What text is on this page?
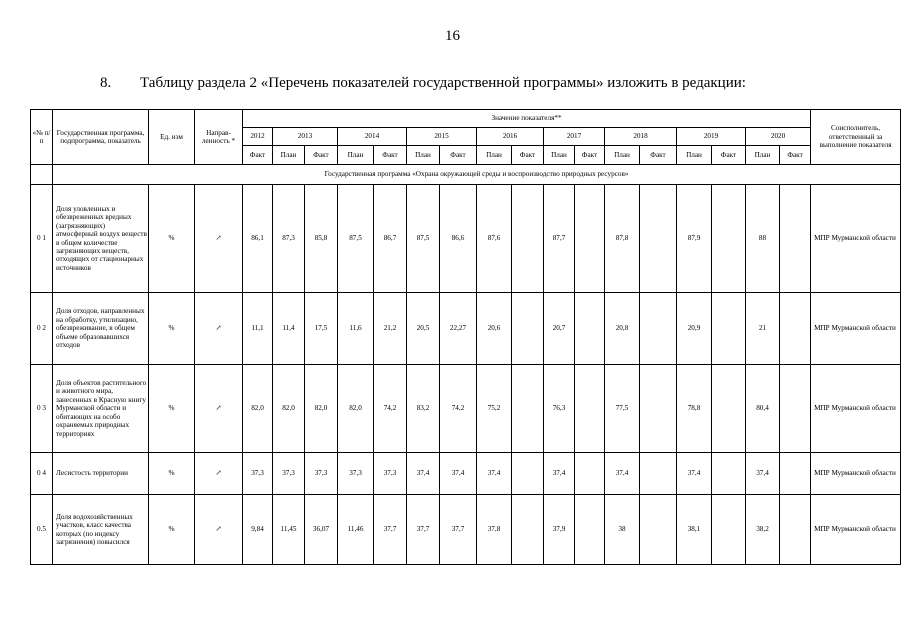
16
8. Таблицу раздела 2 «Перечень показателей государственной программы» изложить в редакции:
«№ п/п	Государственная программа, подпрограмма, показатель	Ед. изм	Направ-ленность *	Значение показателя**																	Соисполнитель, ответственный за выполнение показателя
				2012	2013		2014		2015		2016		2017		2018		2019		2020		
				Факт	План	Факт	План	Факт	План	Факт	План	Факт	План	Факт	План	Факт	План	Факт	План	Факт	
	Государственная программа «Охрана окружающей среды и воспроизводство природных ресурсов»																				
0 1	Доля уловленных и обезвреженных вредных (загрязняющих) атмосферный воздух веществ в общем количестве загрязняющих веществ, отходящих от стационарных источников	%	↗	86,1	87,3	85,8	87,5	86,7	87,5	86,6	87,6		87,7		87,8		87,9		88		МПР Мурманской области
0 2	Доля отходов, направленных на обработку, утилизацию, обезвреживание, в общем объеме образовавшихся отходов	%	↗	11,1	11,4	17,5	11,6	21,2	20,5	22,27	20,6		20,7		20,8		20,9		21		МПР Мурманской области
0 3	Доля объектов растительного и животного мира, занесенных в Красную книгу Мурманской области и обитающих на особо охраняемых природных территориях	%	↗	82,0	82,0	82,0	82,0	74,2	83,2	74,2	75,2		76,3		77,5		78,8		80,4		МПР Мурманской области
0 4	Лесистость территории	%	↗	37,3	37,3	37,3	37,3	37,3	37,4	37,4	37,4		37,4		37,4		37,4		37,4		МПР Мурманской области
0.5	Доля водохозяйственных участков, класс качества которых (по индексу загрязнения) повысился	%	↗	9,84	11,45	36,07	11,46	37,7	37,7	37,7	37,8		37,9		38		38,1		38,2		МПР Мурманской области
